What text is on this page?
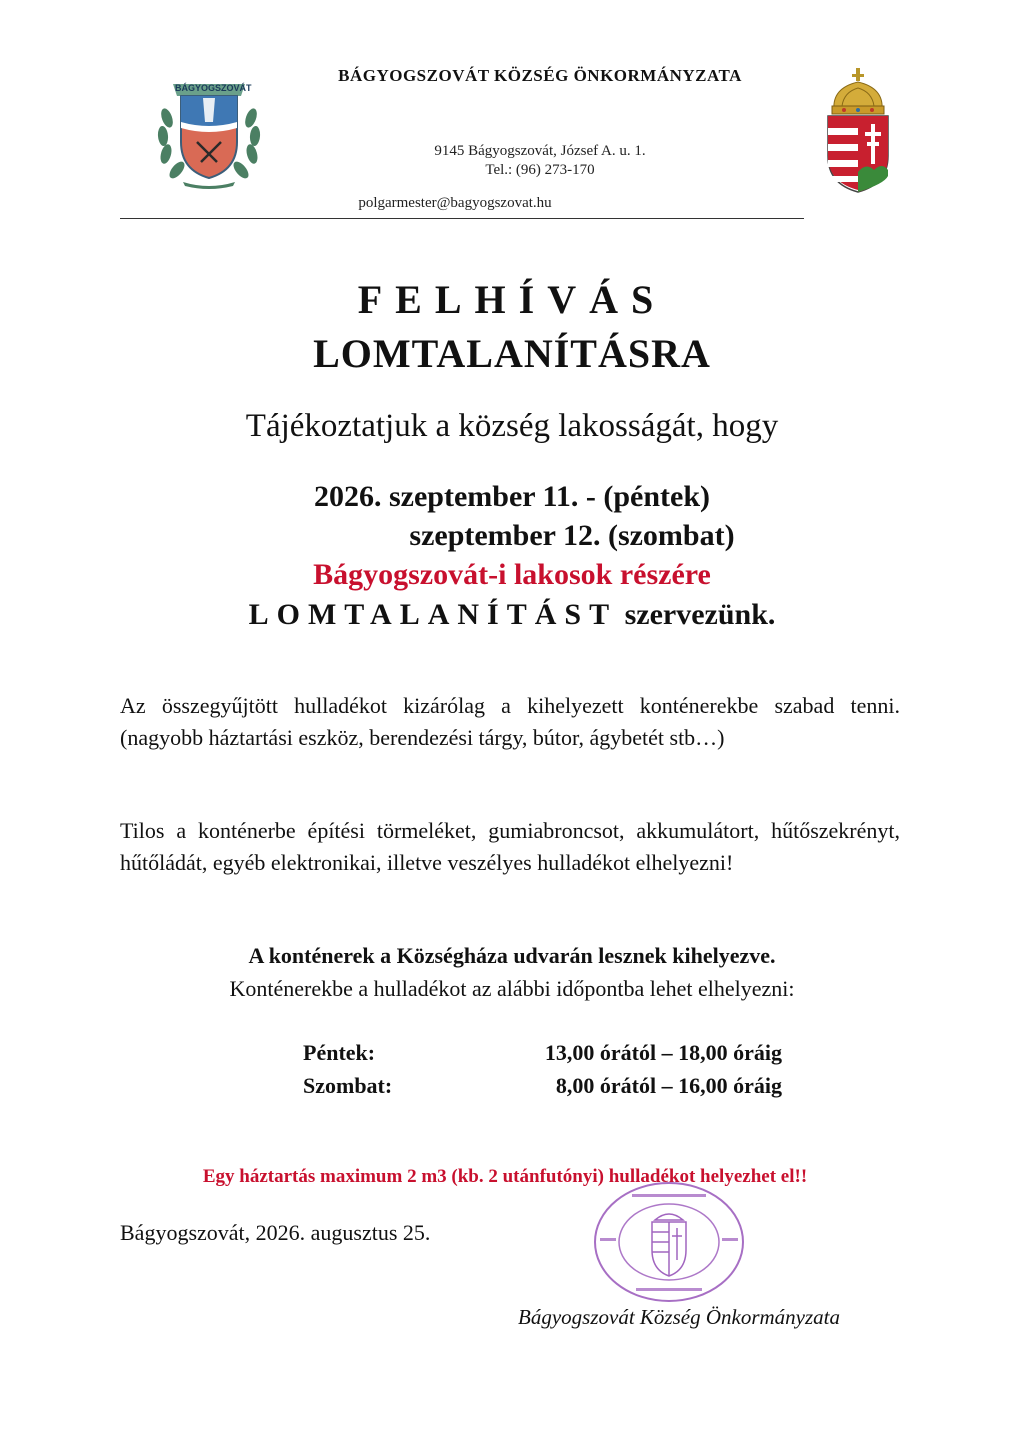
BÁGYOGSZOVÁT
BÁGYOGSZOVÁT KÖZSÉG ÖNKORMÁNYZATA
9145 Bágyogszovát, József A. u. 1.
Tel.: (96) 273-170
polgarmester@bagyogszovat.hu
FELHÍVÁS
LOMTALANÍTÁSRA
Tájékoztatjuk a község lakosságát, hogy
2026. szeptember 11. - (péntek)
szeptember 12. (szombat)
Bágyogszovát-i lakosok részére
LOMTALANÍTÁST szervezünk.
Az összegyűjtött hulladékot kizárólag a kihelyezett konténerekbe szabad tenni. (nagyobb háztartási eszköz, berendezési tárgy, bútor, ágybetét stb…)
Tilos a konténerbe építési törmeléket, gumiabroncsot, akkumulátort, hűtőszekrényt, hűtőládát, egyéb elektronikai, illetve veszélyes hulladékot elhelyezni!
A konténerek a Községháza udvarán lesznek kihelyezve.
Konténerekbe a hulladékot az alábbi időpontba lehet elhelyezni:
Péntek:	13,00 órától – 18,00 óráig
Szombat:	8,00 órától – 16,00 óráig
Egy háztartás maximum 2 m3 (kb. 2 utánfutónyi) hulladékot helyezhet el!!
Bágyogszovát, 2026. augusztus 25.
Bágyogszovát Község Önkormányzata
